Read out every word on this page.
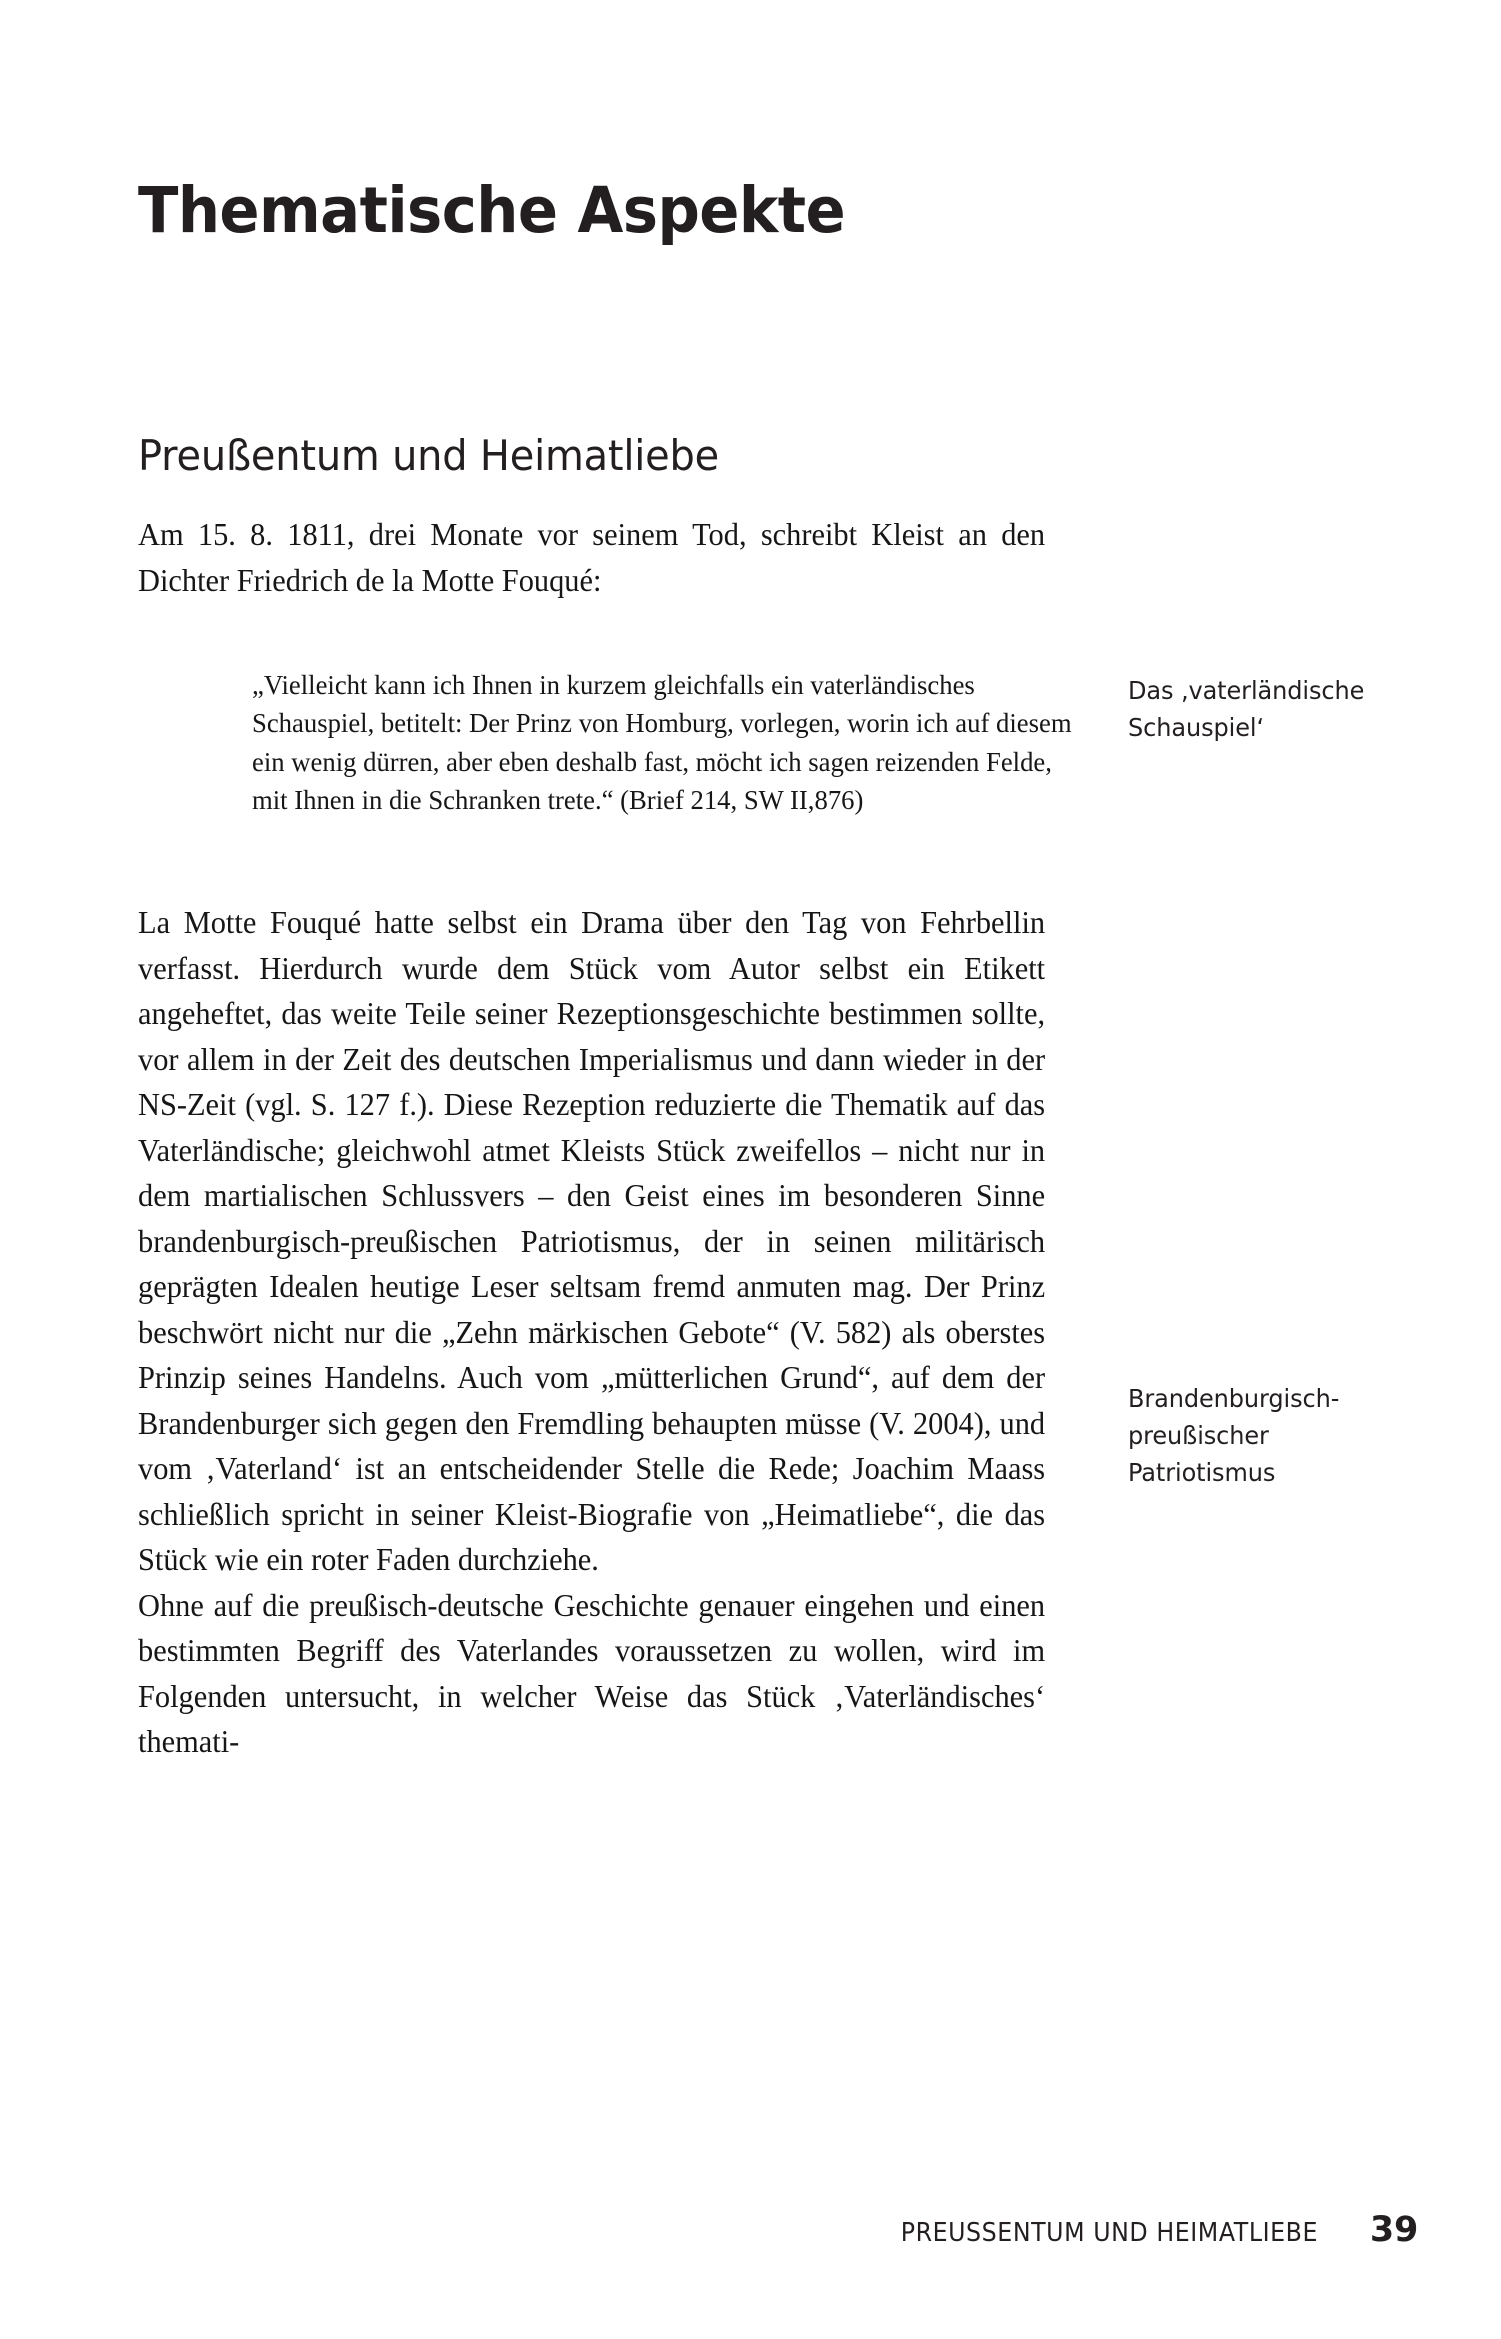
Thematische Aspekte
Preußentum und Heimatliebe

Am 15. 8. 1811, drei Monate vor seinem Tod, schreibt Kleist an den Dichter Friedrich de la Motte Fouqué:

„Vielleicht kann ich Ihnen in kurzem gleichfalls ein vaterländisches Schauspiel, betitelt: Der Prinz von Homburg, vorlegen, worin ich auf diesem ein wenig dürren, aber eben deshalb fast, möcht ich sagen reizenden Felde, mit Ihnen in die Schranken trete.“ (Brief 214, SW II,876)

La Motte Fouqué hatte selbst ein Drama über den Tag von Fehrbellin verfasst. Hierdurch wurde dem Stück vom Autor selbst ein Etikett angeheftet, das weite Teile seiner Rezeptionsgeschichte bestimmen sollte, vor allem in der Zeit des deutschen Imperialismus und dann wieder in der NS-Zeit (vgl. S. 127 f.). Diese Rezeption reduzierte die Thematik auf das Vaterländische; gleichwohl atmet Kleists Stück zweifellos – nicht nur in dem martialischen Schlussvers – den Geist eines im besonderen Sinne brandenburgisch-preußischen Patriotismus, der in seinen militärisch geprägten Idealen heutige Leser seltsam fremd anmuten mag. Der Prinz beschwört nicht nur die „Zehn märkischen Gebote“ (V. 582) als oberstes Prinzip seines Handelns. Auch vom „mütterlichen Grund“, auf dem der Brandenburger sich gegen den Fremdling behaupten müsse (V. 2004), und vom ‚Vaterland‘ ist an entscheidender Stelle die Rede; Joachim Maass schließlich spricht in seiner Kleist-Biografie von „Heimatliebe“, die das Stück wie ein roter Faden durchziehe.

Ohne auf die preußisch-deutsche Geschichte genauer eingehen und einen bestimmten Begriff des Vaterlandes voraussetzen zu wollen, wird im Folgenden untersucht, in welcher Weise das Stück ‚Vaterländisches‘ themati-

Das ‚vaterländische Schauspiel‘
Brandenburgisch-preußischer Patriotismus
PREUSSENTUM UND HEIMATLIEBE 39
